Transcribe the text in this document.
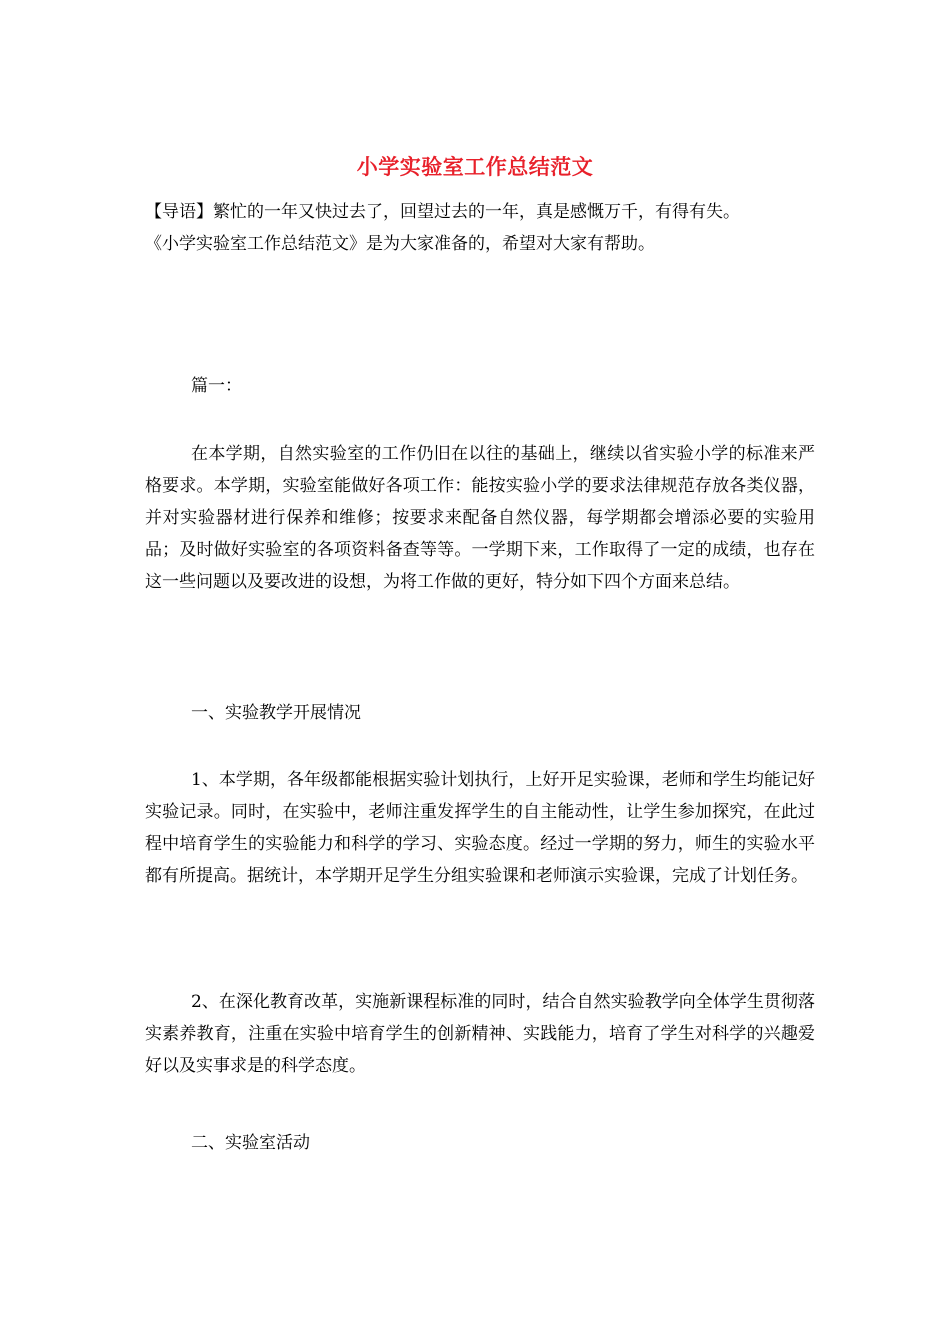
小学实验室工作总结范文

【导语】繁忙的一年又快过去了，回望过去的一年，真是感慨万千，有得有失。

《小学实验室工作总结范文》是为大家准备的，希望对大家有帮助。

篇一：

在本学期，自然实验室的工作仍旧在以往的基础上，继续以省实验小学的标准来严格要求。本学期，实验室能做好各项工作：能按实验小学的要求法律规范存放各类仪器，并对实验器材进行保养和维修；按要求来配备自然仪器，每学期都会增添必要的实验用品；及时做好实验室的各项资料备查等等。一学期下来，工作取得了一定的成绩，也存在这一些问题以及要改进的设想，为将工作做的更好，特分如下四个方面来总结。

一、实验教学开展情况

1、本学期，各年级都能根据实验计划执行，上好开足实验课，老师和学生均能记好实验记录。同时，在实验中，老师注重发挥学生的自主能动性，让学生参加探究，在此过程中培育学生的实验能力和科学的学习、实验态度。经过一学期的努力，师生的实验水平都有所提高。据统计，本学期开足学生分组实验课和老师演示实验课，完成了计划任务。

2、在深化教育改革，实施新课程标准的同时，结合自然实验教学向全体学生贯彻落实素养教育，注重在实验中培育学生的创新精神、实践能力，培育了学生对科学的兴趣爱好以及实事求是的科学态度。

二、实验室活动
